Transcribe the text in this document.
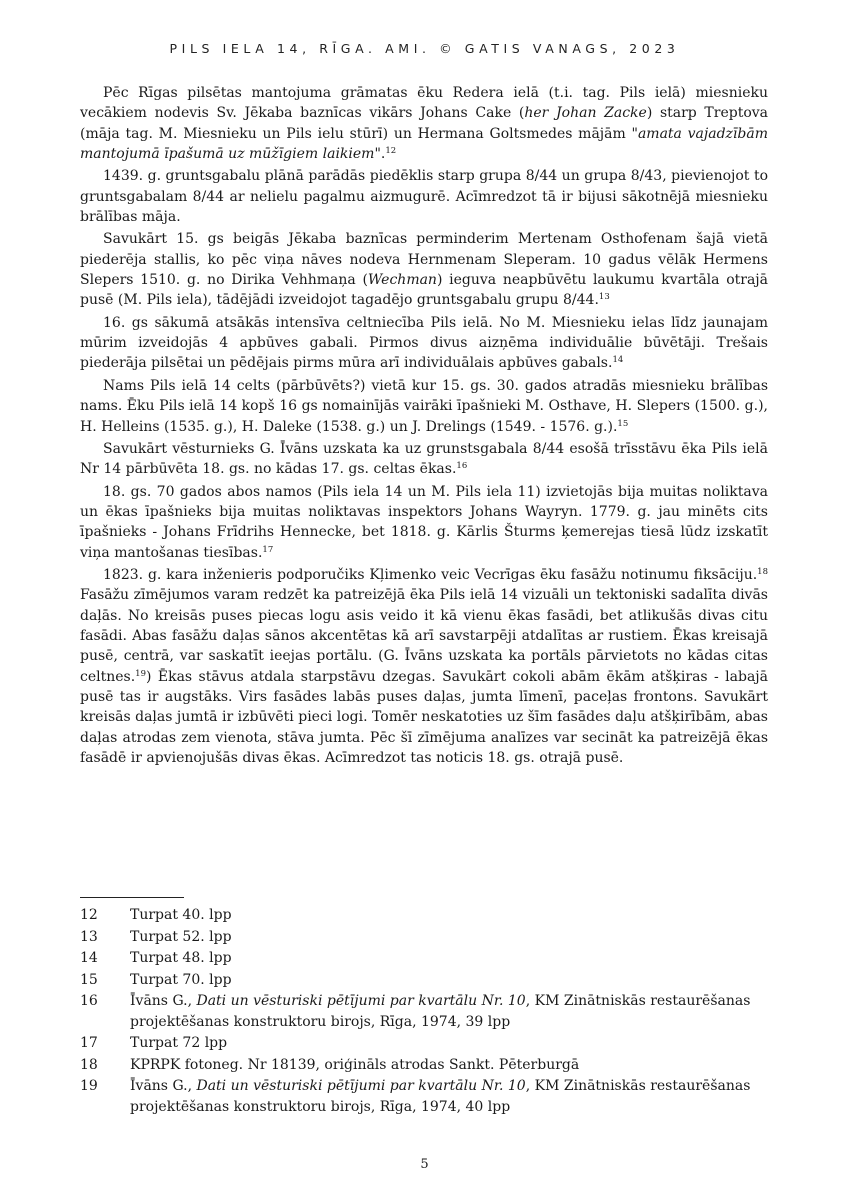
PILS IELA 14, RĪGA. AMI. © GATIS VANAGS, 2023

Pēc Rīgas pilsētas mantojuma grāmatas ēku Redera ielā (t.i. tag. Pils ielā) miesnieku vecākiem nodevis Sv. Jēkaba baznīcas vikārs Johans Cake (her Johan Zacke) starp Treptova (māja tag. M. Miesnieku un Pils ielu stūrī) un Hermana Goltsmedes mājām "amata vajadzībām mantojumā īpašumā uz mūžīgiem laikiem".$^{12}$

1439. g. gruntsgabalu plānā parādās piedēklis starp grupa 8/44 un grupa 8/43, pievienojot to gruntsgabalam 8/44 ar nelielu pagalmu aizmugurē. Acīmredzot tā ir bijusi sākotnējā miesnieku brālības māja.

Savukārt 15. gs beigās Jēkaba baznīcas perminderim Mertenam Osthofenam šajā vietā piederēja stallis, ko pēc viņa nāves nodeva Hernmenam Sleperam. 10 gadus vēlāk Hermens Slepers 1510. g. no Dirika Vehhmaņa (Wechman) ieguva neapbūvētu laukumu kvartāla otrajā pusē (M. Pils iela), tādējādi izveidojot tagadējo gruntsgabalu grupu 8/44.13

16. gs sākumā atsākās intensīva celtniecība Pils ielā. No M. Miesnieku ielas līdz jaunajam mūrim izveidojās 4 apbūves gabali. Pirmos divus aizņēma individuālie būvētāji. Trešais piederāja pilsētai un pēdējais pirms mūra arī individuālais apbūves gabals.$^{14}$

Nams Pils ielā 14 celts (pārbūvēts?) vietā kur 15. gs. 30. gados atradās miesnieku brālības nams. Ēku Pils ielā 14 kopš 16 gs nomainījās vairāki īpašnieki M. Osthave, H. Slepers (1500. g.), H. Helleins (1535. g.), H. Daleke (1538. g.) un J. Drelings (1549. - 1576. g.).$^{15}$

Savukārt vēsturnieks G. Īvāns uzskata ka uz grunstsgabala 8/44 esošā trīsstāvu ēka Pils ielā Nr 14 pārbūvēta 18. gs. no kādas 17. gs. celtas ēkas.$^{16}$

18. gs. 70 gados abos namos (Pils iela 14 un M. Pils iela 11) izvietojās bija muitas noliktava un ēkas īpašnieks bija muitas noliktavas inspektors Johans Wayryn. 1779. g. jau minēts cits īpašnieks - Johans Frīdrihs Hennecke, bet 1818. g. Kārlis Šturms ķemerejas tiesā lūdz izskatīt viņa mantošanas tiesības.$^{17}$

1823. g. kara inženieris podporučiks Kļimenko veic Vecrīgas ēku fasāžu notinumu fiksāciju.$^{18}$ Fasāžu zīmējumos varam redzēt ka patreizējā ēka Pils ielā 14 vizuāli un tektoniski sadalīta divās daļās. No kreisās puses piecas logu asis veido it kā vienu ēkas fasādi, bet atlikušās divas citu fasādi. Abas fasāžu daļas sānos akcentētas kā arī savstarpēji atdalītas ar rustiem. Ēkas kreisajā pusē, centrā, var saskatīt ieejas portālu. (G. Īvāns uzskata ka portāls pārvietots no kādas citas celtnes.$^{19}$) Ēkas stāvus atdala starpstāvu dzegas. Savukārt cokoli abām ēkām atšķiras - labajā pusē tas ir augstāks. Virs fasādes labās puses daļas, jumta līmenī, paceļas frontons. Savukārt kreisās daļas jumtā ir izbūvēti pieci logi. Tomēr neskatoties uz šīm fasādes daļu atšķirībām, abas daļas atrodas zem vienota, stāva jumta. Pēc šī zīmējuma analīzes var secināt ka patreizējā ēkas fasādē ir apvienojušās divas ēkas. Acīmredzot tas noticis 18. gs. otrajā pusē.

12	Turpat 40. lpp
13	Turpat 52. lpp
14	Turpat 48. lpp
15	Turpat 70. lpp
16	Īvāns G., Dati un vēsturiski pētījumi par kvartālu Nr. 10, KM Zinātniskās restaurēšanas projektēšanas konstruktoru birojs, Rīga, 1974, 39 lpp
17	Turpat 72 lpp
18	KPRPK fotoneg. Nr 18139, oriģināls atrodas Sankt. Pēterburgā
19	Īvāns G., Dati un vēsturiski pētījumi par kvartālu Nr. 10, KM Zinātniskās restaurēšanas projektēšanas konstruktoru birojs, Rīga, 1974, 40 lpp
5
